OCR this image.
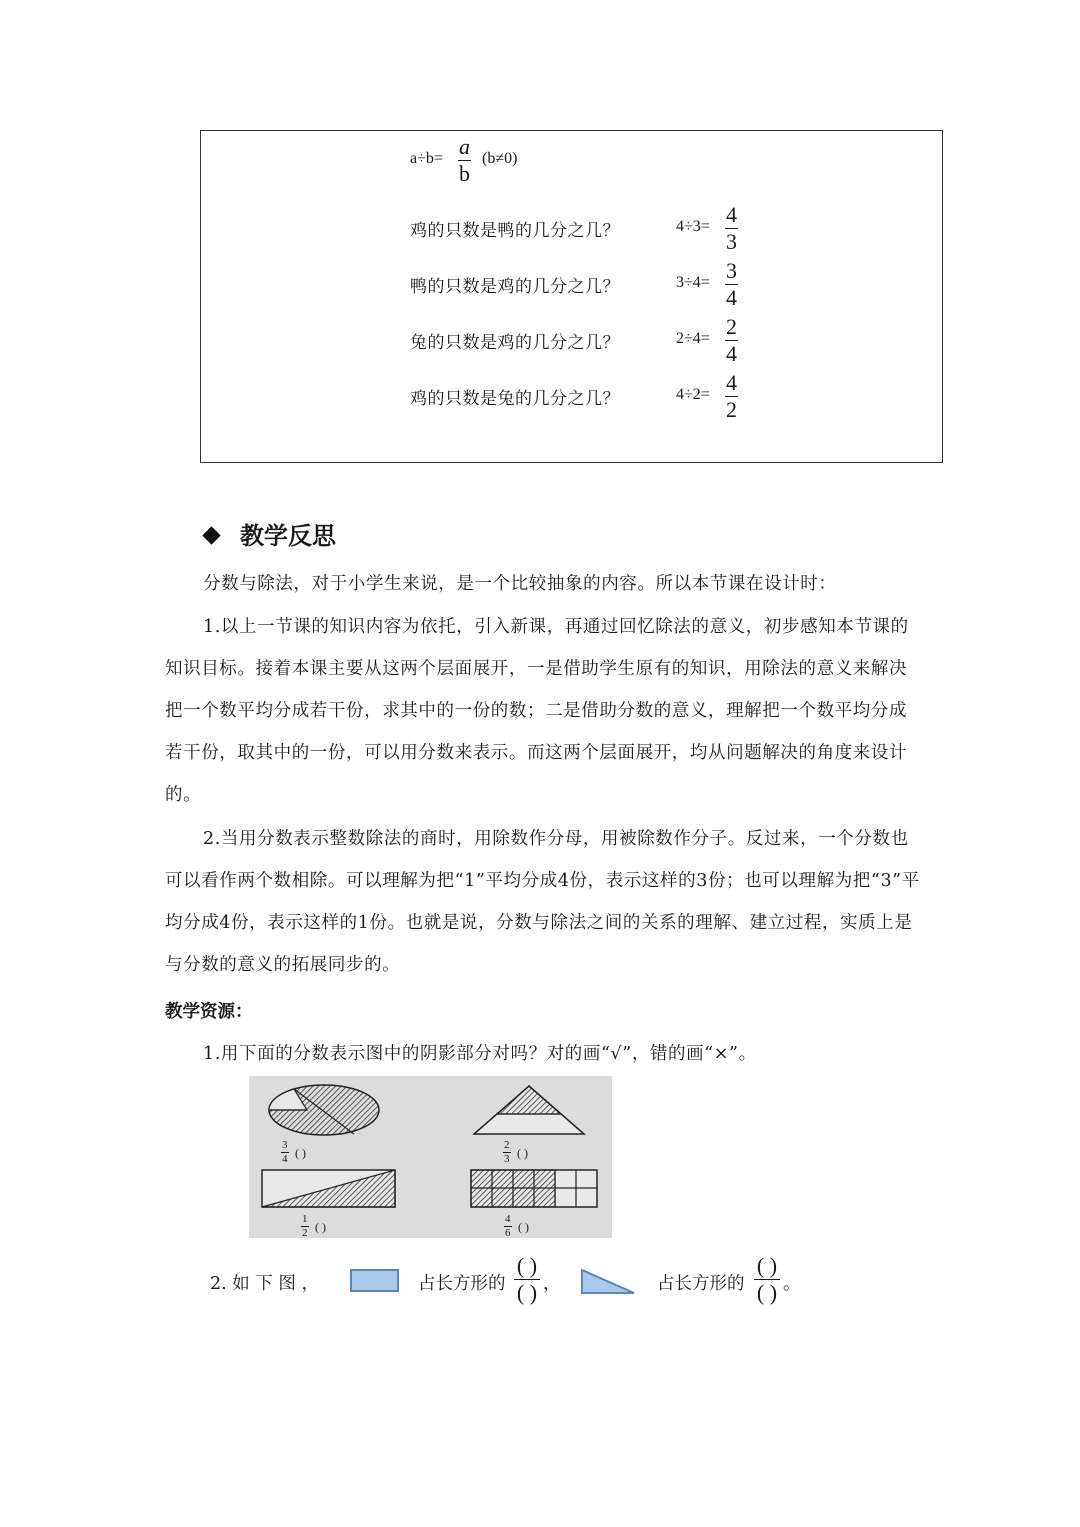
a÷b= a
b
(b≠0)
鸡的只数是鸭的几分之几？	4÷3= 4
3
鸭的只数是鸡的几分之几？	3÷4= 3
4
兔的只数是鸡的几分之几？	2÷4= 2
4
鸡的只数是兔的几分之几？	4÷2= 4
2
教学反思
分数与除法，对于小学生来说，是一个比较抽象的内容。所以本节课在设计时：
1.以上一节课的知识内容为依托，引入新课，再通过回忆除法的意义，初步感知本节课的知识目标。接着本课主要从这两个层面展开，一是借助学生原有的知识，用除法的意义来解决把一个数平均分成若干份，求其中的一份的数；二是借助分数的意义，理解把一个数平均分成若干份，取其中的一份，可以用分数来表示。而这两个层面展开，均从问题解决的角度来设计的。
2.当用分数表示整数除法的商时，用除数作分母，用被除数作分子。反过来，一个分数也可以看作两个数相除。可以理解为把“1”平均分成4份，表示这样的3份；也可以理解为把“3”平均分成4份，表示这样的1份。也就是说，分数与除法之间的关系的理解、建立过程，实质上是与分数的意义的拓展同步的。
教学资源：
1.用下面的分数表示图中的阴影部分对吗？对的画“√”，错的画“×”。
3
4 ( )
2
3 ( )
1
2 ( )
4
6 ( )
2. 如 下 图 ，	占长方形的
( )
( ) ，	占长方形的
( )
( ) 。
